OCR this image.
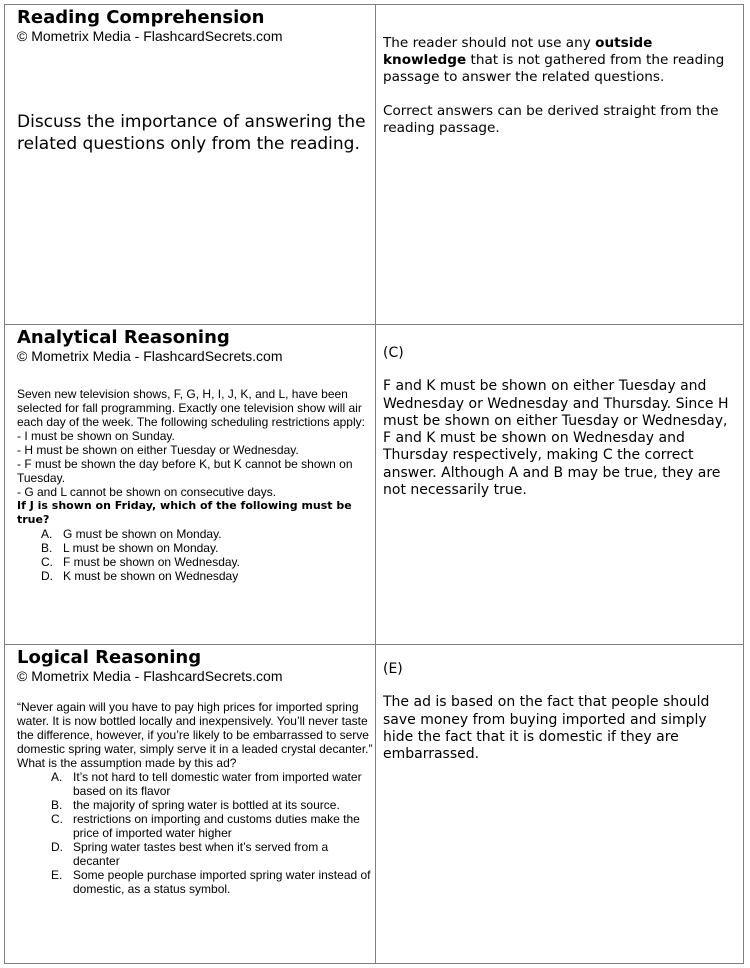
Reading Comprehension

© Mometrix Media - FlashcardSecrets.com

Discuss the importance of answering the related questions only from the reading.

The reader should not use any outside knowledge that is not gathered from the reading passage to answer the related questions.

Correct answers can be derived straight from the reading passage.

Analytical Reasoning

© Mometrix Media - FlashcardSecrets.com

Seven new television shows, F, G, H, I, J, K, and L, have been selected for fall programming. Exactly one television show will air each day of the week. The following scheduling restrictions apply:

- I must be shown on Sunday.

- H must be shown on either Tuesday or Wednesday.

- F must be shown the day before K, but K cannot be shown on Tuesday.

- G and L cannot be shown on consecutive days.

If J is shown on Friday, which of the following must be true?

A. G must be shown on Monday.
B. L must be shown on Monday.
C. F must be shown on Wednesday.
D. K must be shown on Wednesday

(C)

F and K must be shown on either Tuesday and Wednesday or Wednesday and Thursday. Since H must be shown on either Tuesday or Wednesday, F and K must be shown on Wednesday and Thursday respectively, making C the correct answer. Although A and B may be true, they are not necessarily true.

Logical Reasoning

© Mometrix Media - FlashcardSecrets.com

“Never again will you have to pay high prices for imported spring water. It is now bottled locally and inexpensively. You’ll never taste the difference, however, if you’re likely to be embarrassed to serve domestic spring water, simply serve it in a leaded crystal decanter.” What is the assumption made by this ad?

A. It’s not hard to tell domestic water from imported water based on its flavor
B. the majority of spring water is bottled at its source.
C. restrictions on importing and customs duties make the price of imported water higher
D. Spring water tastes best when it’s served from a decanter
E. Some people purchase imported spring water instead of domestic, as a status symbol.

(E)

The ad is based on the fact that people should save money from buying imported and simply hide the fact that it is domestic if they are embarrassed.
